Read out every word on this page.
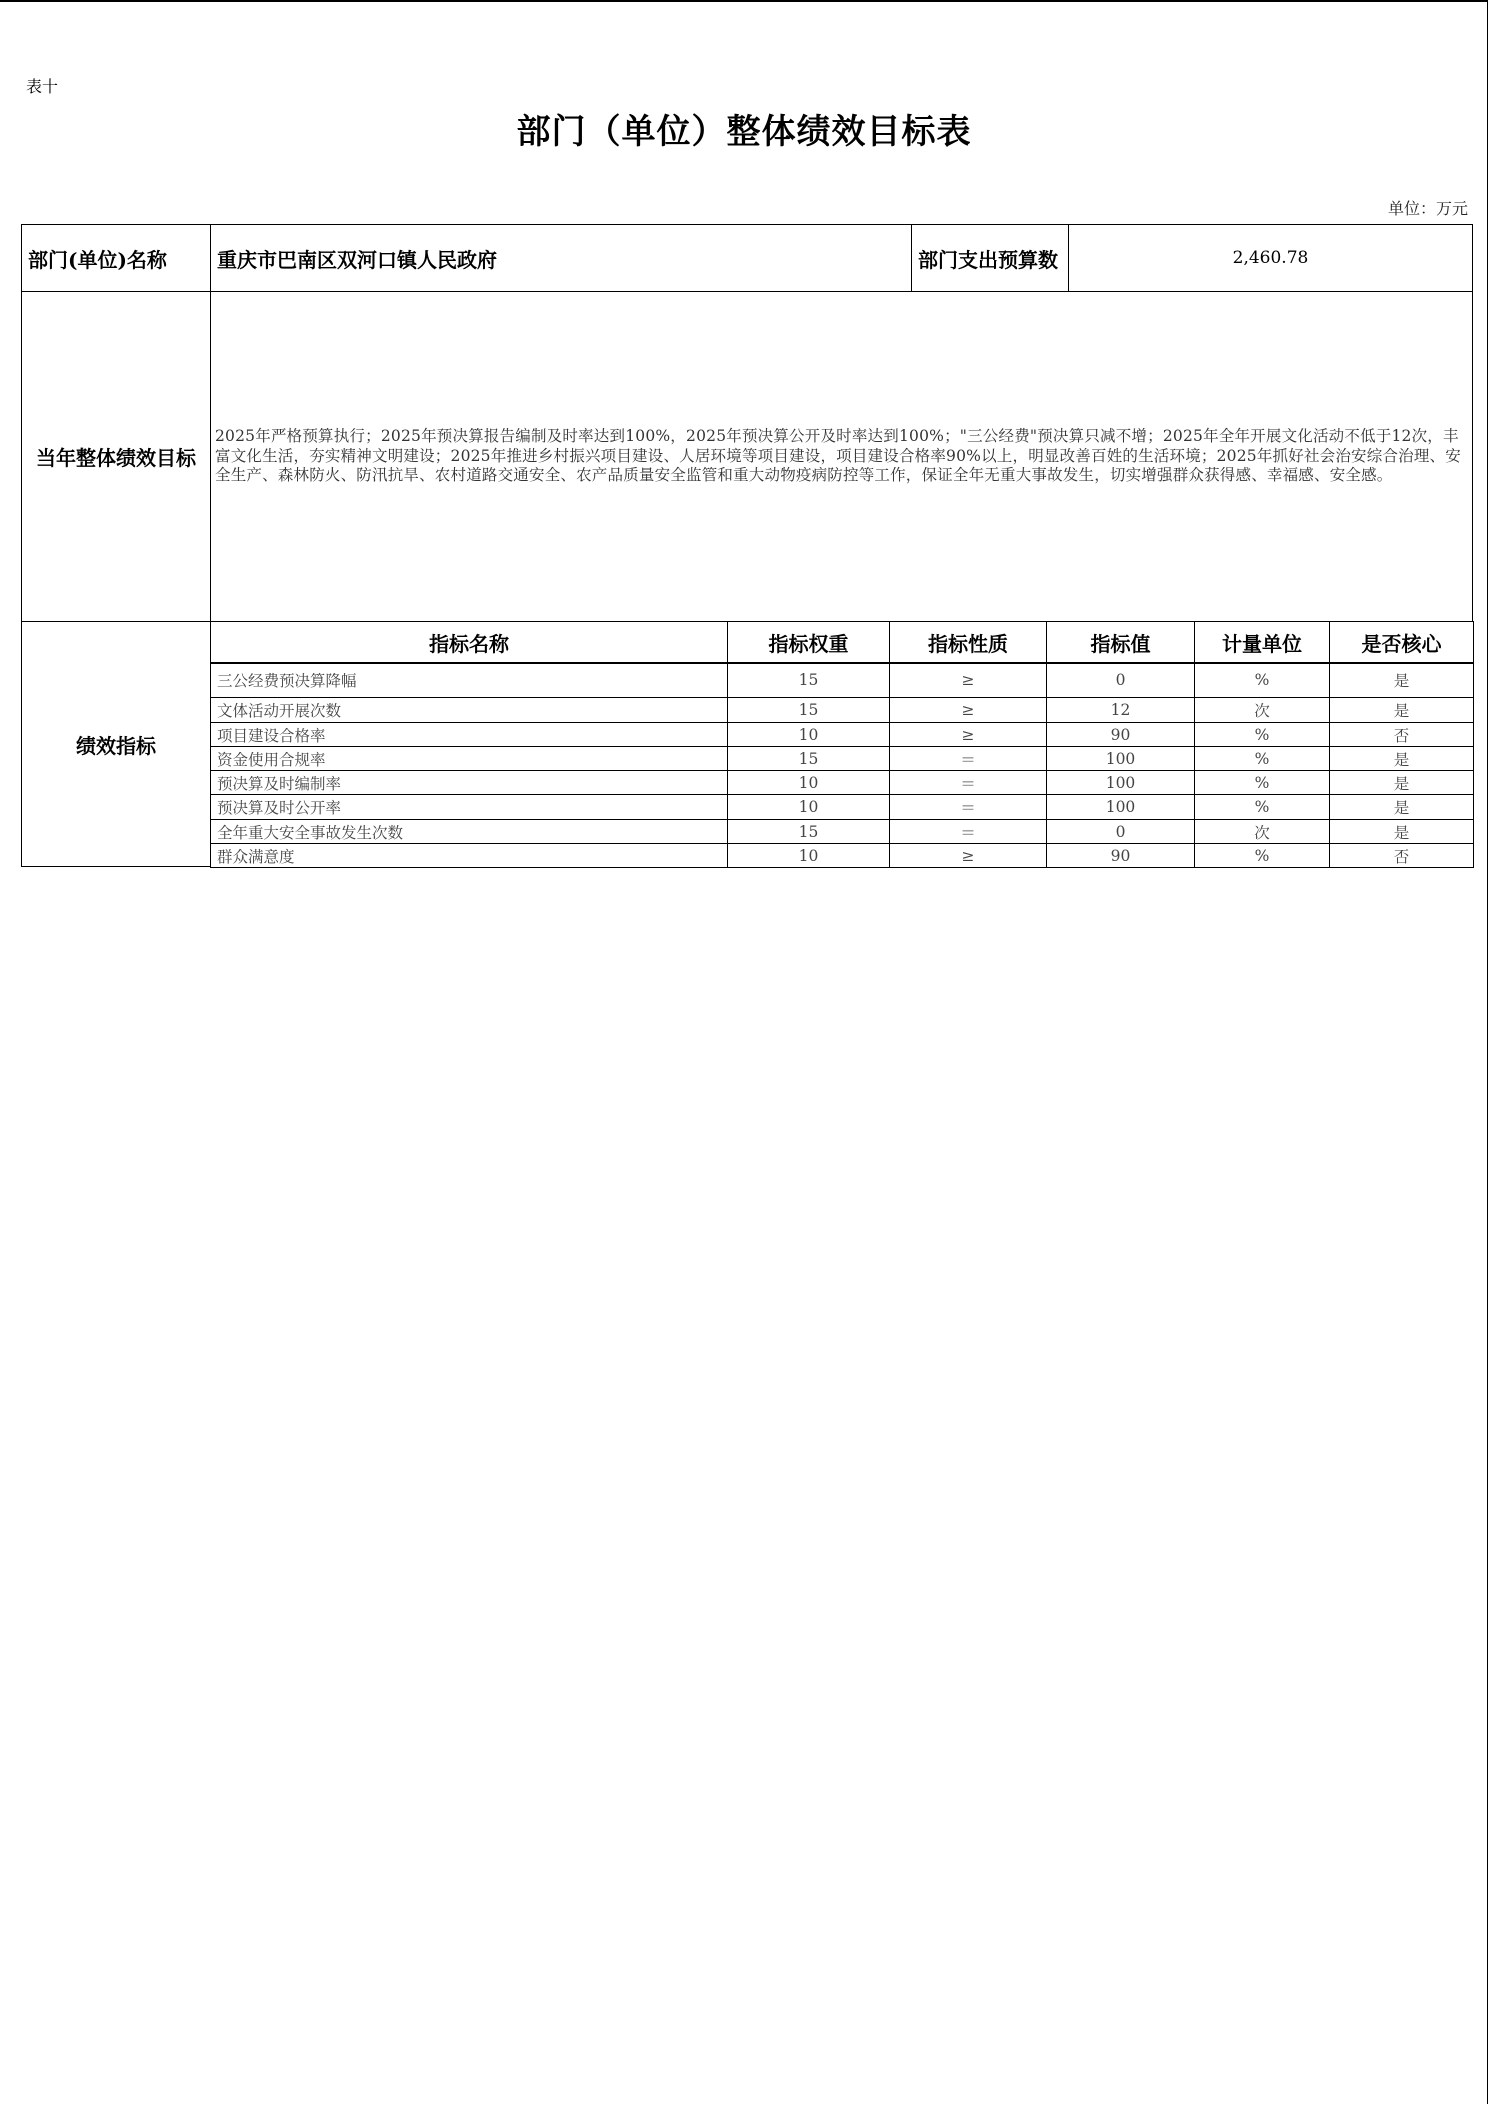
表十
部门（单位）整体绩效目标表
单位：万元
部门(单位)名称	重庆市巴南区双河口镇人民政府	部门支出预算数	2,460.78
当年整体绩效目标
2025年严格预算执行；2025年预决算报告编制及时率达到100%，2025年预决算公开及时率达到100%；"三公经费"预决算只减不增；2025年全年开展文化活动不低于12次，丰富文化生活，夯实精神文明建设；2025年推进乡村振兴项目建设、人居环境等项目建设，项目建设合格率90%以上，明显改善百姓的生活环境；2025年抓好社会治安综合治理、安全生产、森林防火、防汛抗旱、农村道路交通安全、农产品质量安全监管和重大动物疫病防控等工作，保证全年无重大事故发生，切实增强群众获得感、幸福感、安全感。
绩效指标
指标名称	指标权重	指标性质	指标值	计量单位	是否核心
三公经费预决算降幅	15	≥	0	%	是
文体活动开展次数	15	≥	12	次	是
项目建设合格率	10	≥	90	%	否
资金使用合规率	15	＝	100	%	是
预决算及时编制率	10	＝	100	%	是
预决算及时公开率	10	＝	100	%	是
全年重大安全事故发生次数	15	＝	0	次	是
群众满意度	10	≥	90	%	否
